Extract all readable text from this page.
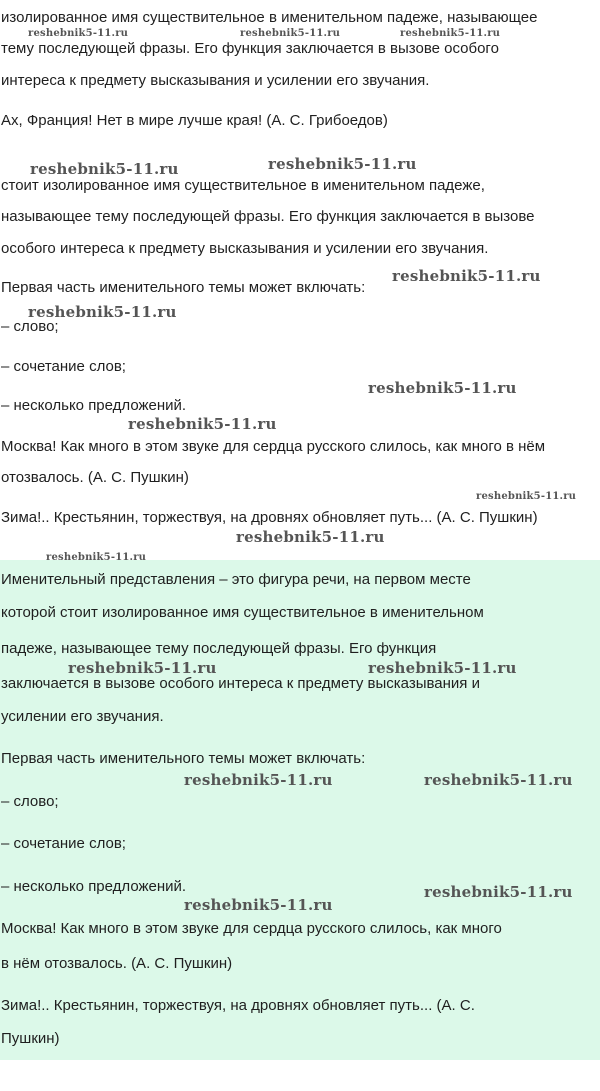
изолированное имя существительное в именительном падеже, называющее
тему последующей фразы. Его функция заключается в вызове особого
интереса к предмету высказывания и усилении его звучания.
Ах, Франция! Нет в мире лучше края! (А. С. Грибоедов)
стоит изолированное имя существительное в именительном падеже,
называющее тему последующей фразы. Его функция заключается в вызове
особого интереса к предмету высказывания и усилении его звучания.
Первая часть именительного темы может включать:
– слово;
– сочетание слов;
– несколько предложений.
Москва! Как много в этом звуке для сердца русского слилось, как много в нём
отозвалось. (А. С. Пушкин)
Зима!.. Крестьянин, торжествуя, на дровнях обновляет путь... (А. С. Пушкин)
Именительный представления – это фигура речи, на первом месте
которой стоит изолированное имя существительное в именительном
падеже, называющее тему последующей фразы. Его функция
заключается в вызове особого интереса к предмету высказывания и
усилении его звучания.
Первая часть именительного темы может включать:
– слово;
– сочетание слов;
– несколько предложений.
Москва! Как много в этом звуке для сердца русского слилось, как много
в нём отозвалось. (А. С. Пушкин)
Зима!.. Крестьянин, торжествуя, на дровнях обновляет путь... (А. С.
Пушкин)
reshebnik5-11.ru	reshebnik5-11.ru	reshebnik5-11.ru
reshebnik5-11.ru	reshebnik5-11.ru
reshebnik5-11.ru
reshebnik5-11.ru
reshebnik5-11.ru
reshebnik5-11.ru
reshebnik5-11.ru
reshebnik5-11.ru
reshebnik5-11.ru
reshebnik5-11.ru	reshebnik5-11.ru
reshebnik5-11.ru	reshebnik5-11.ru
reshebnik5-11.ru
reshebnik5-11.ru
